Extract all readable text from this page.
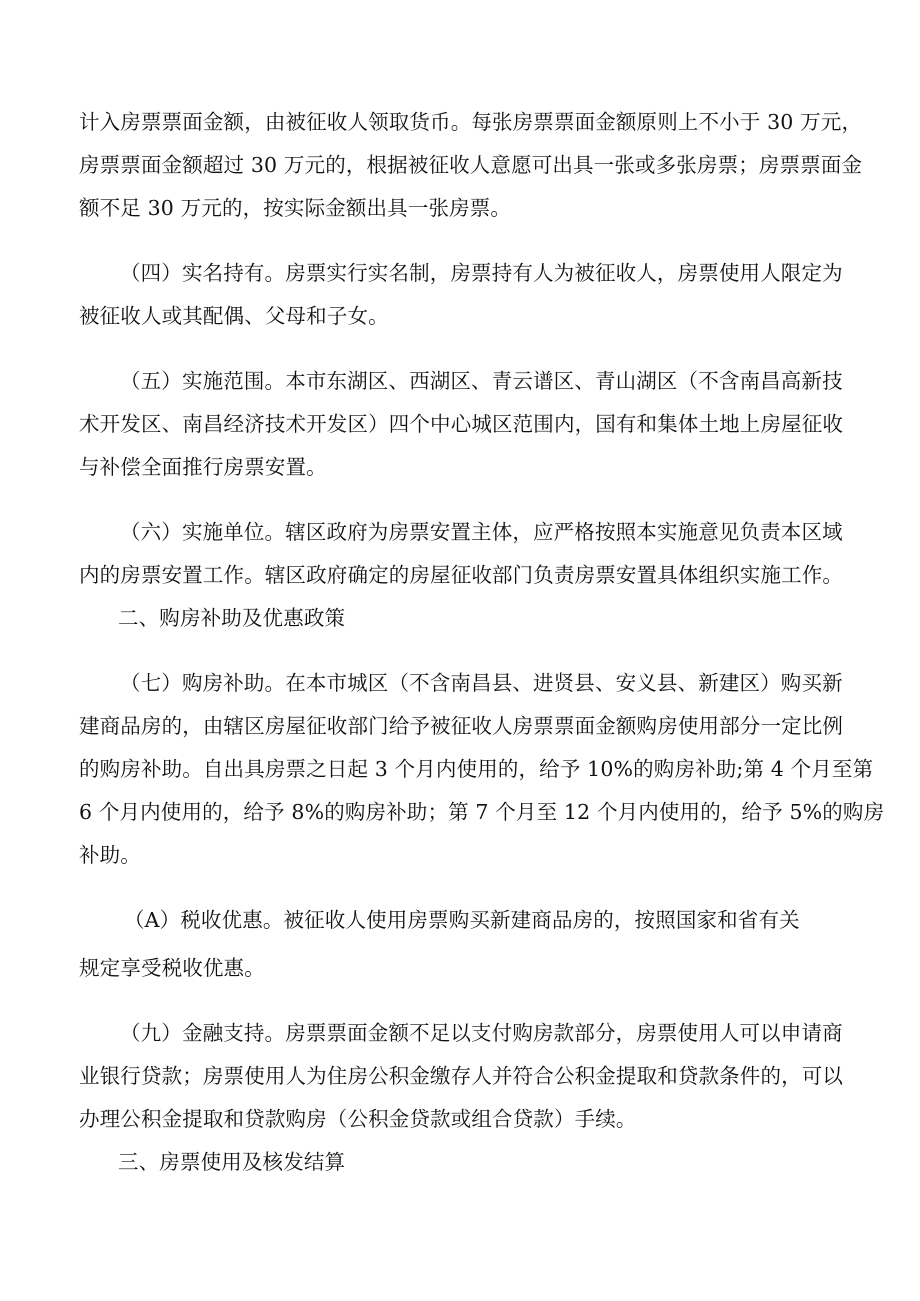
计入房票票面金额，由被征收人领取货币。每张房票票面金额原则上不小于 30 万元，
房票票面金额超过 30 万元的，根据被征收人意愿可出具一张或多张房票；房票票面金
额不足 30 万元的，按实际金额出具一张房票。
（四）实名持有。房票实行实名制，房票持有人为被征收人，房票使用人限定为
被征收人或其配偶、父母和子女。
（五）实施范围。本市东湖区、西湖区、青云谱区、青山湖区（不含南昌高新技
术开发区、南昌经济技术开发区）四个中心城区范围内，国有和集体土地上房屋征收
与补偿全面推行房票安置。
（六）实施单位。辖区政府为房票安置主体，应严格按照本实施意见负责本区域
内的房票安置工作。辖区政府确定的房屋征收部门负责房票安置具体组织实施工作。
二、购房补助及优惠政策
（七）购房补助。在本市城区（不含南昌县、进贤县、安义县、新建区）购买新
建商品房的，由辖区房屋征收部门给予被征收人房票票面金额购房使用部分一定比例
的购房补助。自出具房票之日起 3 个月内使用的，给予 10%的购房补助;第 4 个月至第
6 个月内使用的，给予 8%的购房补助；第 7 个月至 12 个月内使用的，给予 5%的购房
补助。
（A）税收优惠。被征收人使用房票购买新建商品房的，按照国家和省有关
规定享受税收优惠。
（九）金融支持。房票票面金额不足以支付购房款部分，房票使用人可以申请商
业银行贷款；房票使用人为住房公积金缴存人并符合公积金提取和贷款条件的，可以
办理公积金提取和贷款购房（公积金贷款或组合贷款）手续。
三、房票使用及核发结算
